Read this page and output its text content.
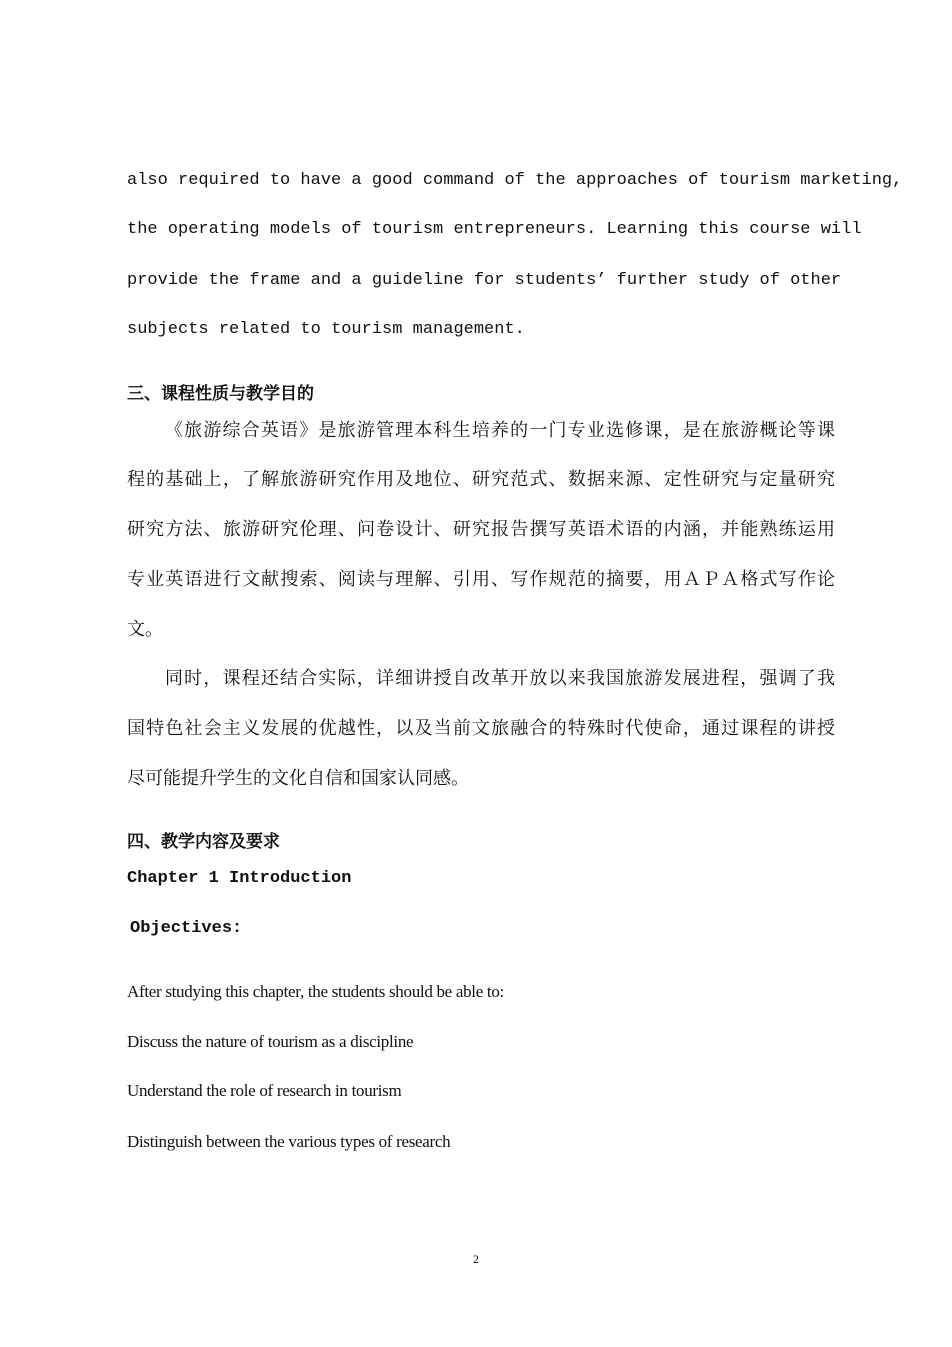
also required to have a good command of the approaches of tourism marketing,
the operating models of tourism entrepreneurs. Learning this course will
provide the frame and a guideline for students’ further study of other
subjects related to tourism management.
三、课程性质与教学目的
《旅游综合英语》是旅游管理本科生培养的一门专业选修课，是在旅游概论等课
程的基础上，了解旅游研究作用及地位、研究范式、数据来源、定性研究与定量研究
研究方法、旅游研究伦理、问卷设计、研究报告撰写英语术语的内涵，并能熟练运用
专业英语进行文献搜索、阅读与理解、引用、写作规范的摘要，用ＡＰＡ格式写作论
文。
同时，课程还结合实际，详细讲授自改革开放以来我国旅游发展进程，强调了我
国特色社会主义发展的优越性，以及当前文旅融合的特殊时代使命，通过课程的讲授
尽可能提升学生的文化自信和国家认同感。
四、教学内容及要求
Chapter 1 Introduction
Objectives:
After studying this chapter, the students should be able to:
Discuss the nature of tourism as a discipline
Understand the role of research in tourism
Distinguish between the various types of research
2
